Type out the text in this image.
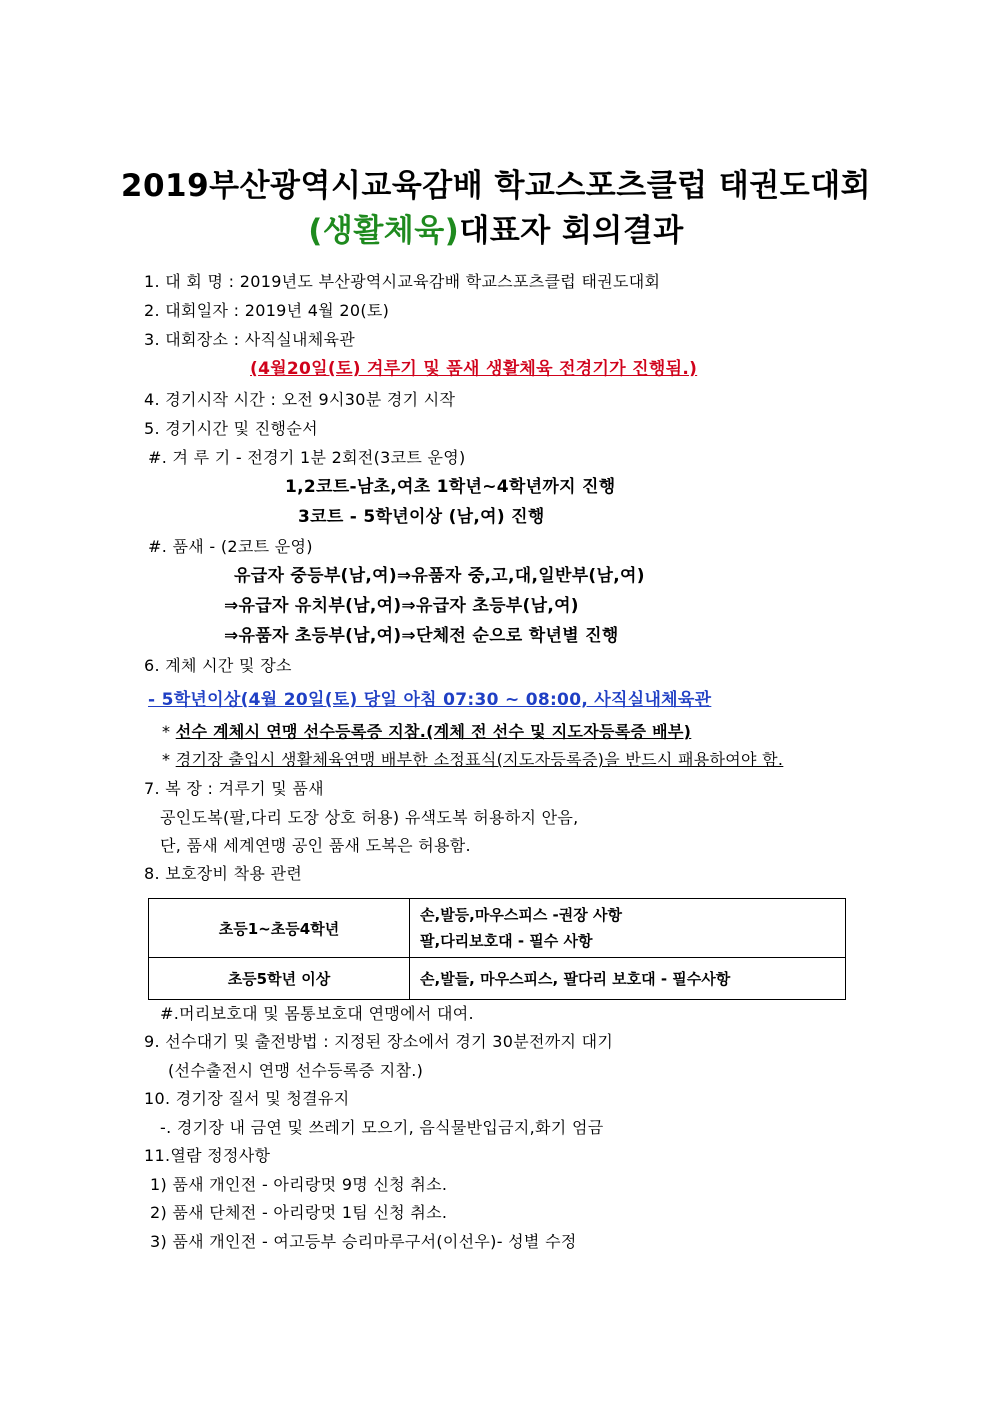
2019부산광역시교육감배 학교스포츠클럽 태권도대회
(생활체육)대표자 회의결과
1. 대 회 명 : 2019년도 부산광역시교육감배 학교스포츠클럽 태권도대회
2. 대회일자 : 2019년 4월 20(토)
3. 대회장소 : 사직실내체육관
(4월20일(토) 겨루기 및 품새 생활체육 전경기가 진행됨.)
4. 경기시작 시간 : 오전 9시30분 경기 시작
5. 경기시간 및 진행순서
#. 겨 루 기 - 전경기 1분 2회전(3코트 운영)
1,2코트-남초,여초 1학년~4학년까지 진행
3코트 - 5학년이상 (남,여) 진행
#. 품새 - (2코트 운영)
유급자 중등부(남,여)⇒유품자 중,고,대,일반부(남,여)
⇒유급자 유치부(남,여)⇒유급자 초등부(남,여)
⇒유품자 초등부(남,여)⇒단체전 순으로 학년별 진행
6. 계체 시간 및 장소
- 5학년이상(4월 20일(토) 당일 아침 07:30 ~ 08:00, 사직실내체육관
* 선수 계체시 연맹 선수등록증 지참.(계체 전 선수 및 지도자등록증 배부)
* 경기장 출입시 생활체육연맹 배부한 소정표식(지도자등록증)을 반드시 패용하여야 함.
7. 복 장 : 겨루기 및 품새
공인도복(팔,다리 도장 상호 허용) 유색도복 허용하지 안음,
단, 품새 세계연맹 공인 품새 도복은 허용함.
8. 보호장비 착용 관련
초등1~초등4학년	손,발등,마우스피스 -권장 사항
팔,다리보호대 - 필수 사항

초등5학년 이상	손,발들, 마우스피스, 팔다리 보호대 - 필수사항
#.머리보호대 및 몸통보호대 연맹에서 대여.
9. 선수대기 및 출전방법 : 지정된 장소에서 경기 30분전까지 대기
(선수출전시 연맹 선수등록증 지참.)
10. 경기장 질서 및 청결유지
-. 경기장 내 금연 및 쓰레기 모으기, 음식물반입금지,화기 엄금
11.열람 정정사항
1) 품새 개인전 - 아리랑멋 9명 신청 취소.
2) 품새 단체전 - 아리랑멋 1팀 신청 취소.
3) 품새 개인전 - 여고등부 승리마루구서(이선우)- 성별 수정
